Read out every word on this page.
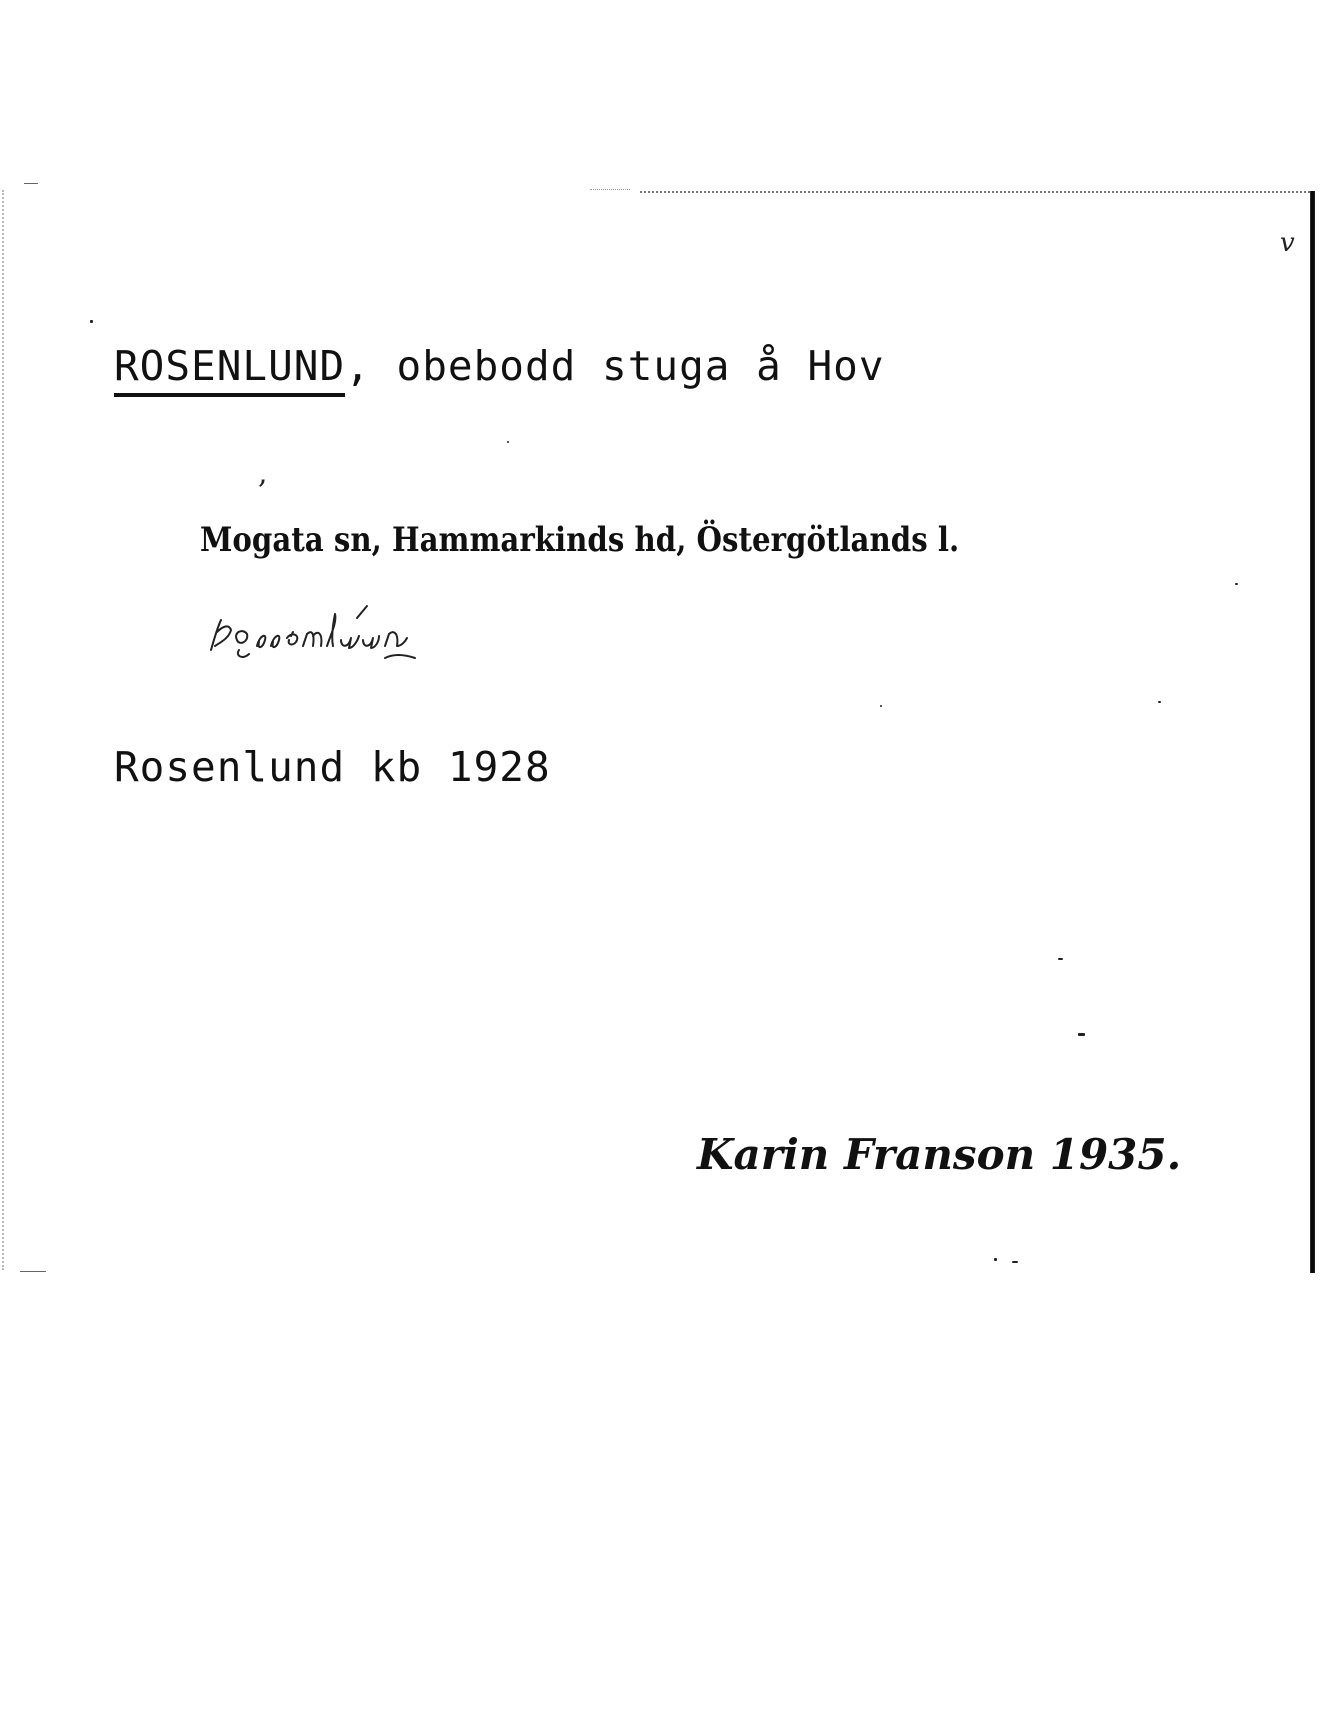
v
ROSENLUND, obebodd stuga å Hov
,
Mogata sn, Hammarkinds hd, Östergötlands l.
Rosenlund kb 1928
Karin Franson 1935.
